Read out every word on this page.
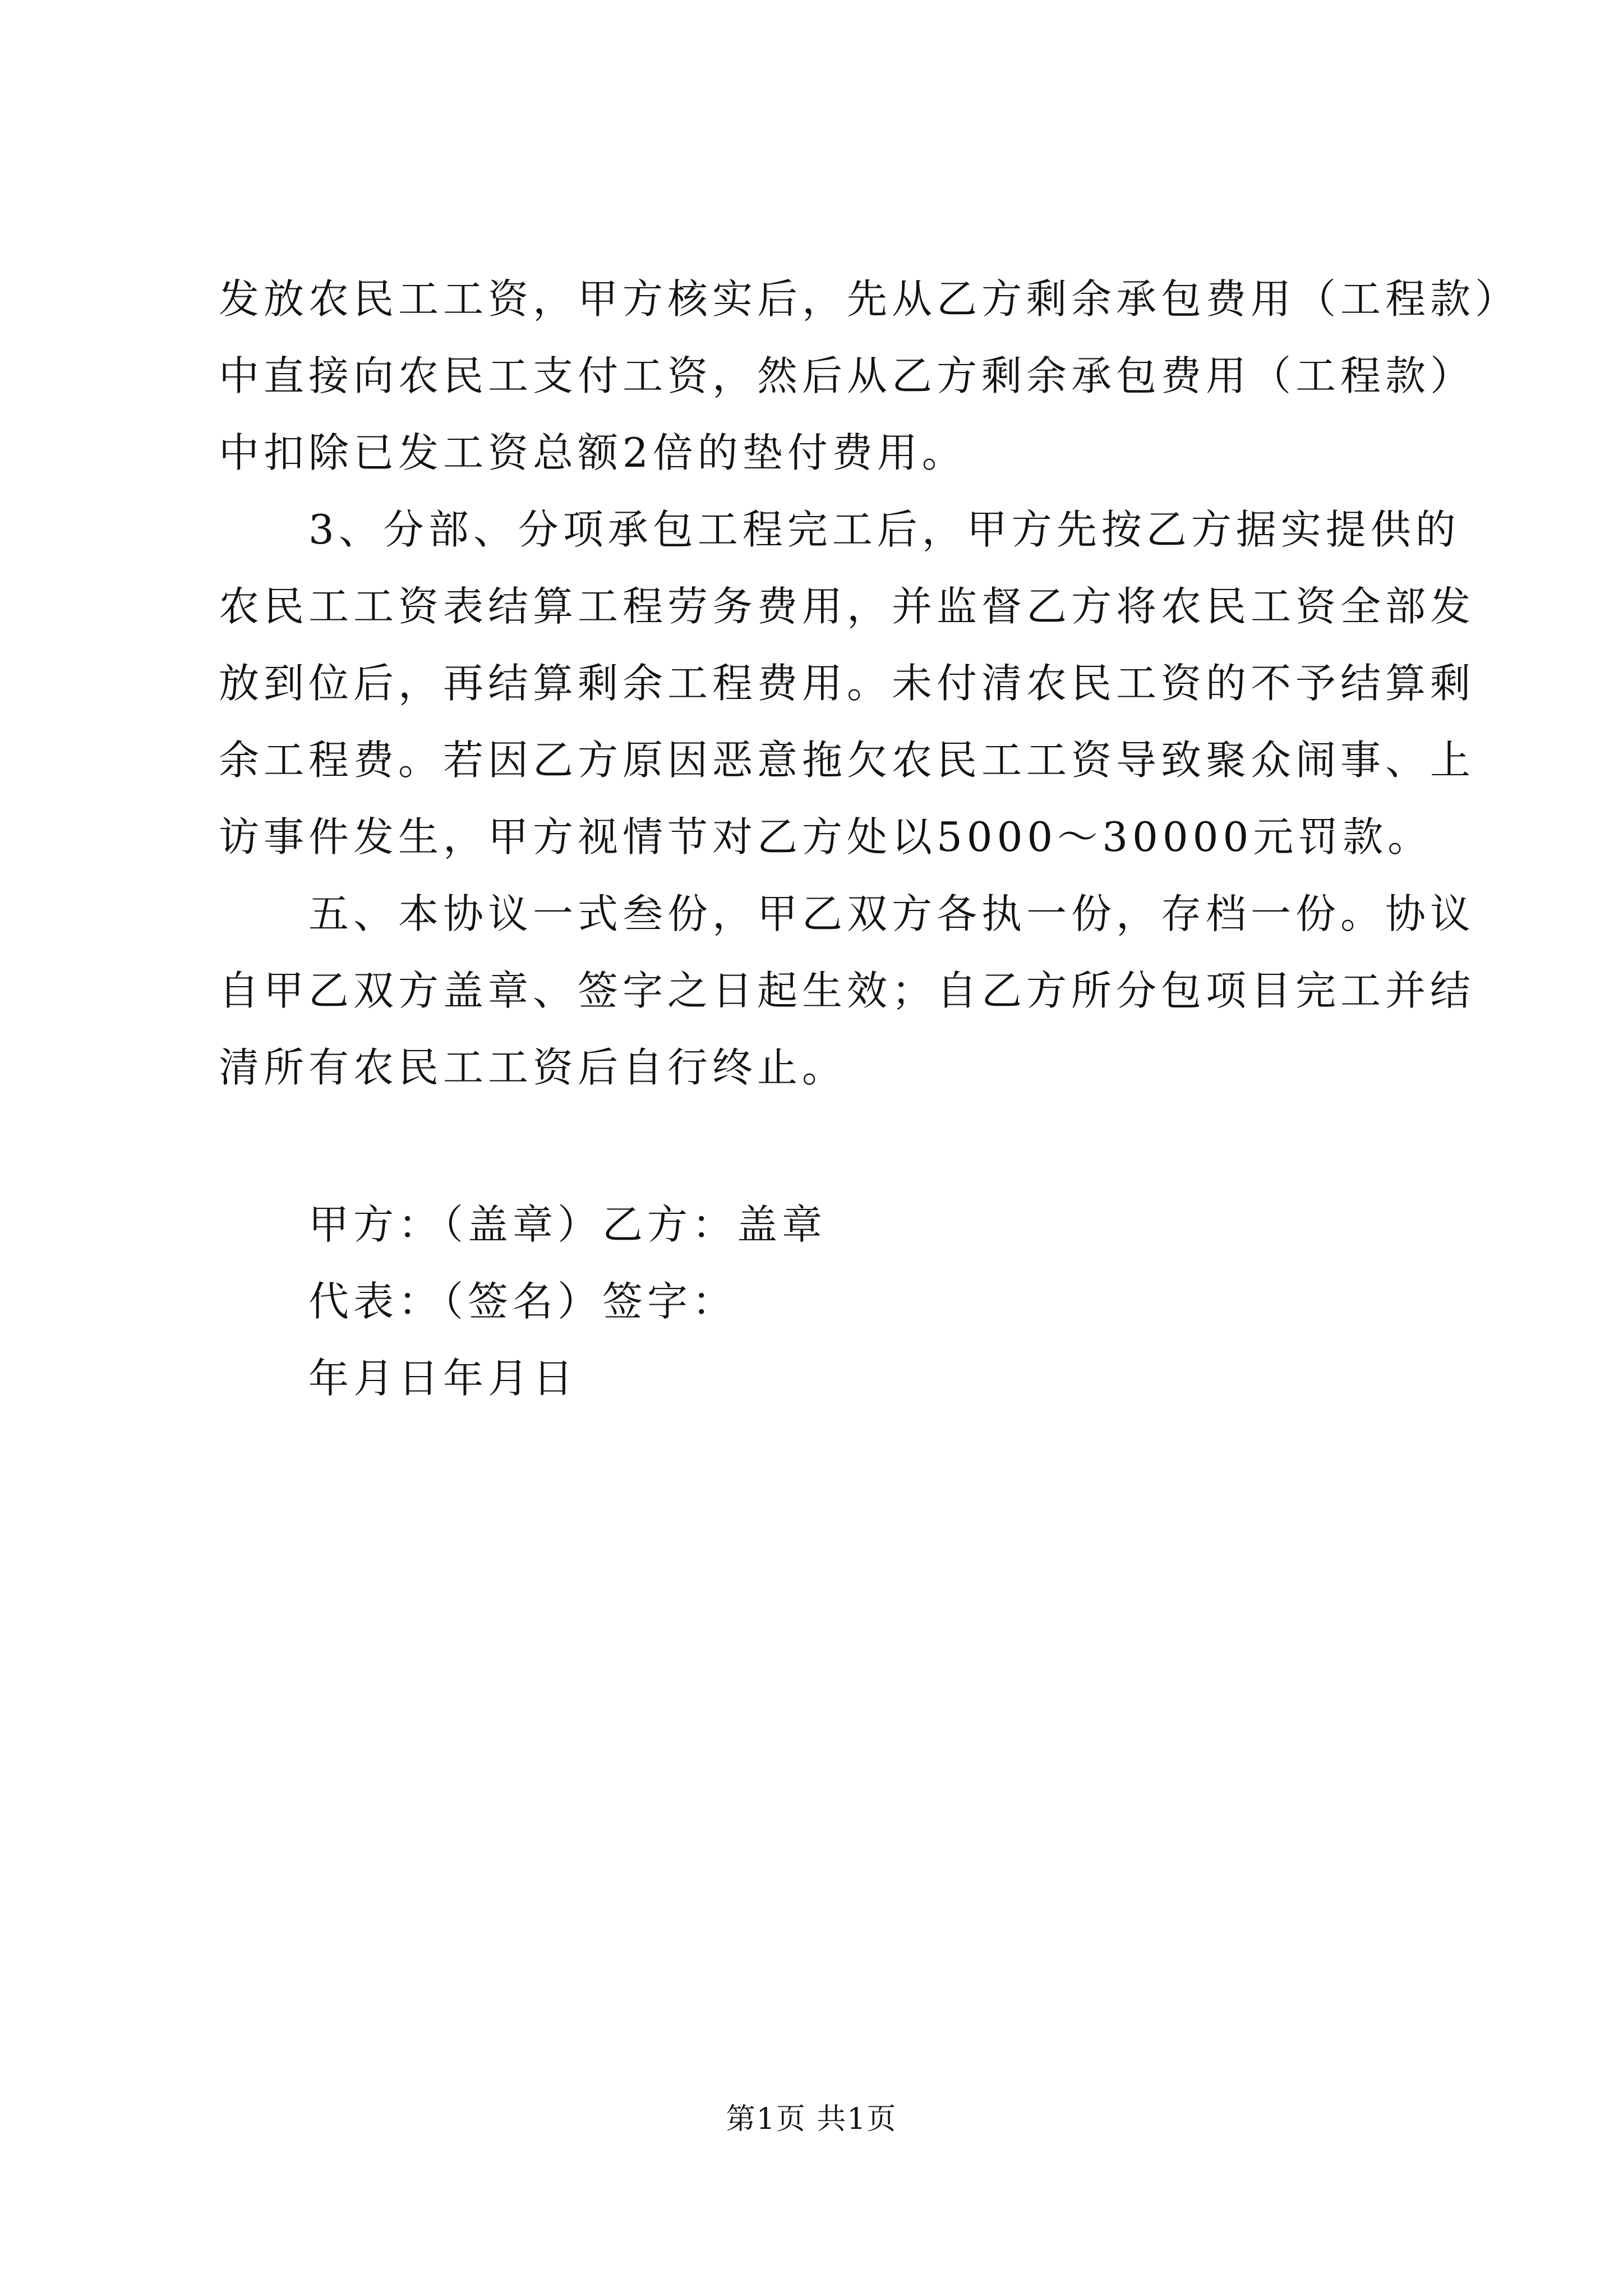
发放农民工工资，甲方核实后，先从乙方剩余承包费用（工程款）
中直接向农民工支付工资，然后从乙方剩余承包费用（工程款）
中扣除已发工资总额2倍的垫付费用。

3、分部、分项承包工程完工后，甲方先按乙方据实提供的
农民工工资表结算工程劳务费用，并监督乙方将农民工资全部发
放到位后，再结算剩余工程费用。未付清农民工资的不予结算剩
余工程费。若因乙方原因恶意拖欠农民工工资导致聚众闹事、上
访事件发生，甲方视情节对乙方处以5000～30000元罚款。

五、本协议一式叁份，甲乙双方各执一份，存档一份。协议
自甲乙双方盖章、签字之日起生效；自乙方所分包项目完工并结
清所有农民工工资后自行终止。

甲方：（盖章）乙方：盖章
代表：（签名）签字：
年月日年月日
第1页 共1页
